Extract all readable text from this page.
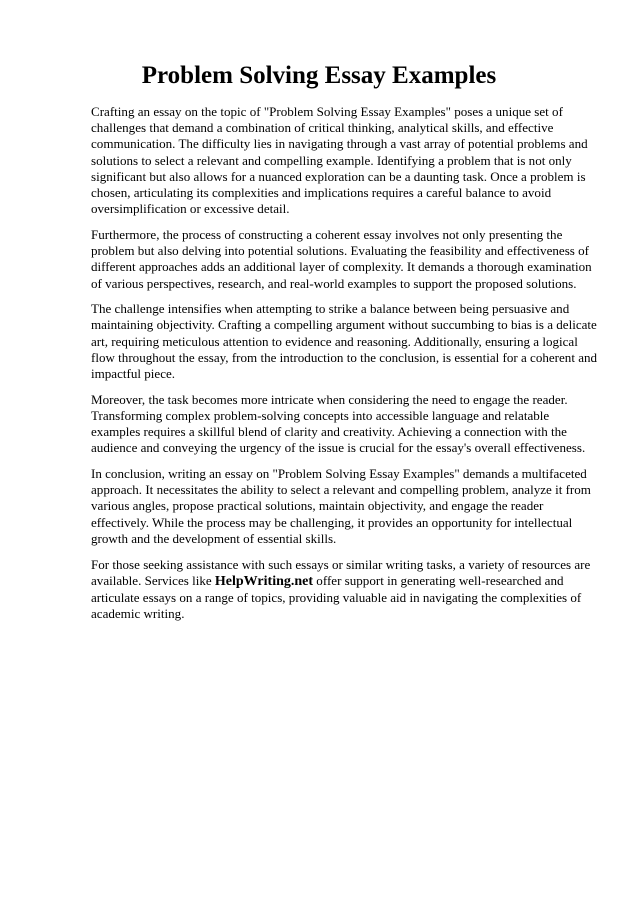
Problem Solving Essay Examples

Crafting an essay on the topic of "Problem Solving Essay Examples" poses a unique set of challenges that demand a combination of critical thinking, analytical skills, and effective communication. The difficulty lies in navigating through a vast array of potential problems and solutions to select a relevant and compelling example. Identifying a problem that is not only significant but also allows for a nuanced exploration can be a daunting task. Once a problem is chosen, articulating its complexities and implications requires a careful balance to avoid oversimplification or excessive detail.

Furthermore, the process of constructing a coherent essay involves not only presenting the problem but also delving into potential solutions. Evaluating the feasibility and effectiveness of different approaches adds an additional layer of complexity. It demands a thorough examination of various perspectives, research, and real-world examples to support the proposed solutions.

The challenge intensifies when attempting to strike a balance between being persuasive and maintaining objectivity. Crafting a compelling argument without succumbing to bias is a delicate art, requiring meticulous attention to evidence and reasoning. Additionally, ensuring a logical flow throughout the essay, from the introduction to the conclusion, is essential for a coherent and impactful piece.

Moreover, the task becomes more intricate when considering the need to engage the reader. Transforming complex problem-solving concepts into accessible language and relatable examples requires a skillful blend of clarity and creativity. Achieving a connection with the audience and conveying the urgency of the issue is crucial for the essay's overall effectiveness.

In conclusion, writing an essay on "Problem Solving Essay Examples" demands a multifaceted approach. It necessitates the ability to select a relevant and compelling problem, analyze it from various angles, propose practical solutions, maintain objectivity, and engage the reader effectively. While the process may be challenging, it provides an opportunity for intellectual growth and the development of essential skills.

For those seeking assistance with such essays or similar writing tasks, a variety of resources are available. Services like HelpWriting.net offer support in generating well-researched and articulate essays on a range of topics, providing valuable aid in navigating the complexities of academic writing.
